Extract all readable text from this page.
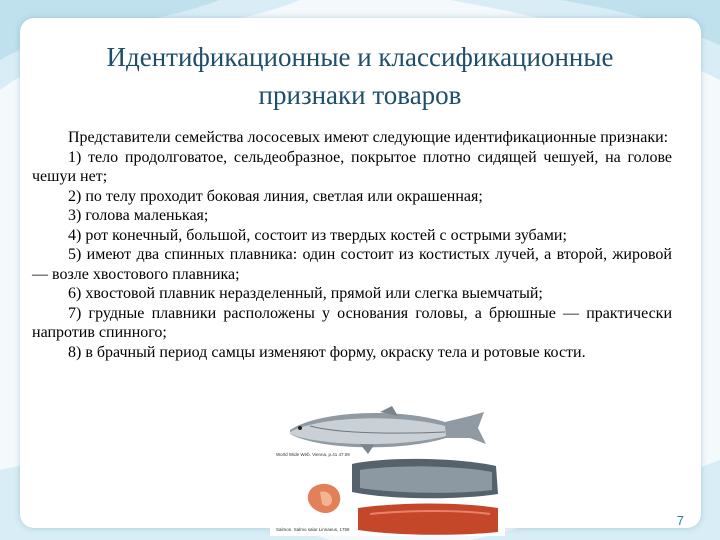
Идентификационные и классификационные
признаки товаров

Представители семейства лососевых имеют следующие идентификационные признаки:

1) тело продолговатое, сельдеобразное, покрытое плотно сидящей чешуей, на голове чешуи нет;

2) по телу проходит боковая линия, светлая или окрашенная;

3) голова маленькая;

4) рот конечный, большой, состоит из твердых костей с острыми зубами;

5) имеют два спинных плавника: один состоит из костистых лучей, а второй, жировой — возле хвостового плавника;

6) хвостовой плавник неразделенный, прямой или слегка выемчатый;

7) грудные плавники расположены у основания головы, а брюшные — практически напротив спинного;

8) в брачный период самцы изменяют форму, окраску тела и ротовые кости.

World Wide Web. Vienna, p.41 47.09
Salmon. Salmo salar Linnaeus, 1758
7
